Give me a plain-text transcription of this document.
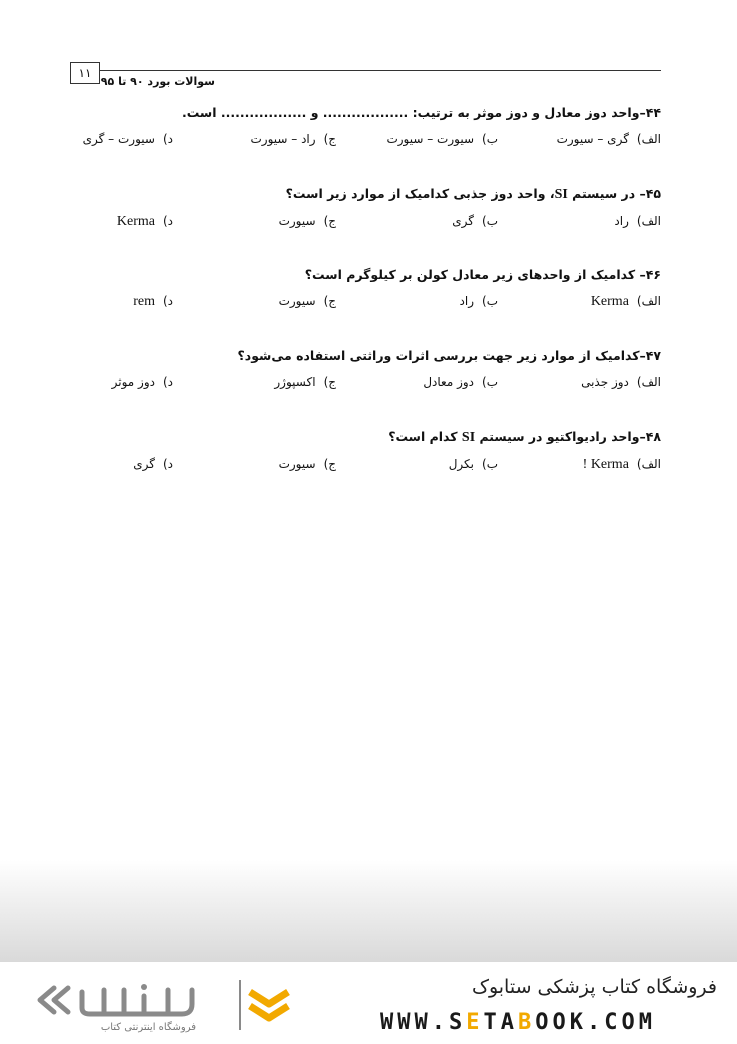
١١
سوالات بورد ۹۰ تا ۹۵
۴۴–واحد دوز معادل و دوز موثر به ترتیب: .................. و .................. است.
الف)گری – سیورت
ب)سیورت – سیورت
ج)راد – سیورت
د)سیورت – گری
۴۵– در سیستم SI، واحد دوز جذبی کدامیک از موارد زیر است؟
الف)راد
ب)گری
ج)سیورت
د)Kerma
۴۶– کدامیک از واحدهای زیر معادل کولن بر کیلوگرم است؟
الف)Kerma
ب)راد
ج)سیورت
د)rem
۴۷–کدامیک از موارد زیر جهت بررسی اثرات وراثتی استفاده می‌شود؟
الف)دوز جذبی
ب)دوز معادل
ج)اکسپوژر
د)دوز موثر
۴۸–واحد رادیواکتیو در سیستم SI کدام است؟
الف)Kerma !
ب)بکرل
ج)سیورت
د)گری
فروشگاه اینترنتی کتاب
فروشگاه کتاب پزشکی ستابوک
WWW.SETABOOK.COM
